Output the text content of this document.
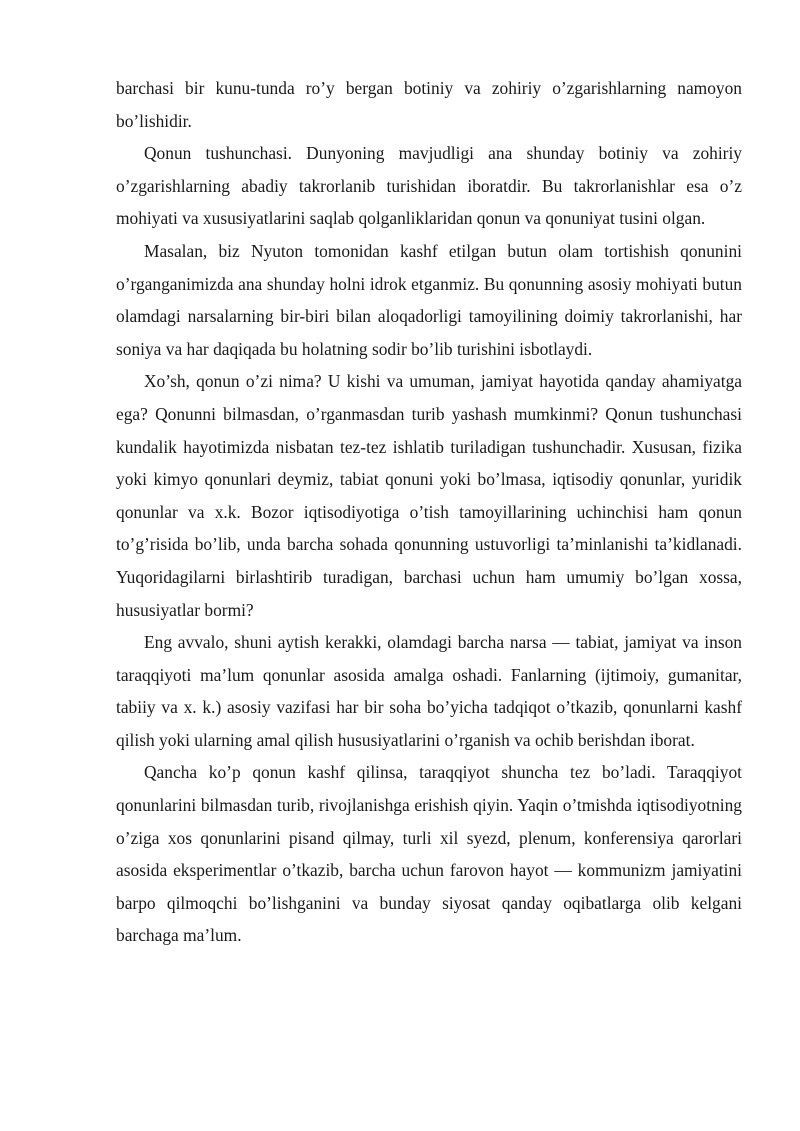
barchasi bir kunu-tunda ro’y bergan botiniy va zohiriy o’zgarishlarning namoyon bo’lishidir.

Qonun tushunchasi. Dunyoning mavjudligi ana shunday botiniy va zohiriy o’zgarishlarning abadiy takrorlanib turishidan iboratdir. Bu takrorlanishlar esa o’z mohiyati va xususiyatlarini saqlab qolganliklaridan qonun va qonuniyat tusini olgan.

Masalan, biz Nyuton tomonidan kashf etilgan butun olam tortishish qonunini o’rganganimizda ana shunday holni idrok etganmiz. Bu qonunning asosiy mohiyati butun olamdagi narsalarning bir-biri bilan aloqadorligi tamoyilining doimiy takrorlanishi, har soniya va har daqiqada bu holatning sodir bo’lib turishini isbotlaydi.

Xo’sh, qonun o’zi nima? U kishi va umuman, jamiyat hayotida qanday ahamiyatga ega? Qonunni bilmasdan, o’rganmasdan turib yashash mumkinmi? Qonun tushunchasi kundalik hayotimizda nisbatan tez-tez ishlatib turiladigan tushunchadir. Xususan, fizika yoki kimyo qonunlari deymiz, tabiat qonuni yoki bo’lmasa, iqtisodiy qonunlar, yuridik qonunlar va x.k. Bozor iqtisodiyotiga o’tish tamoyillarining uchinchisi ham qonun to’g’risida bo’lib, unda barcha sohada qonunning ustuvorligi ta’minlanishi ta’kidlanadi. Yuqoridagilarni birlashtirib turadigan, barchasi uchun ham umumiy bo’lgan xossa, hususiyatlar bormi?

Eng avvalo, shuni aytish kerakki, olamdagi barcha narsa — tabiat, jamiyat va inson taraqqiyoti ma’lum qonunlar asosida amalga oshadi. Fanlarning (ijtimoiy, gumanitar, tabiiy va x. k.) asosiy vazifasi har bir soha bo’yicha tadqiqot o’tkazib, qonunlarni kashf qilish yoki ularning amal qilish hususiyatlarini o’rganish va ochib berishdan iborat.

Qancha ko’p qonun kashf qilinsa, taraqqiyot shuncha tez bo’ladi. Taraqqiyot qonunlarini bilmasdan turib, rivojlanishga erishish qiyin. Yaqin o’tmishda iqtisodiyotning o’ziga xos qonunlarini pisand qilmay, turli xil syezd, plenum, konferensiya qarorlari asosida eksperimentlar o’tkazib, barcha uchun farovon hayot — kommunizm jamiyatini barpo qilmoqchi bo’lishganini va bunday siyosat qanday oqibatlarga olib kelgani barchaga ma’lum.
